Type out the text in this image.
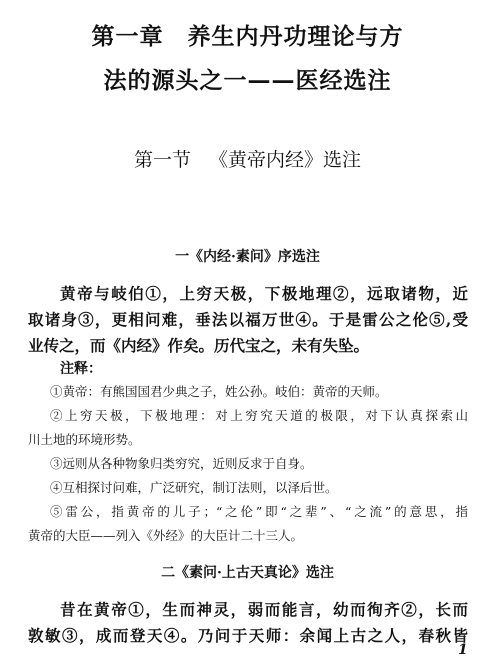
第一章　养生内丹功理论与方
法的源头之一——医经选注
第一节 《黄帝内经》选注
一《内经·素问》序选注
黄帝与岐伯①，上穷天极，下极地理②，远取诸物，近
取诸身③，更相问难，垂法以福万世④。于是雷公之伦⑤,受
业传之，而《内经》作矣。历代宝之，未有失坠。
注释：
①黄帝：有熊国国君少典之子，姓公孙。岐伯：黄帝的天师。
②上穷天极，下极地理：对上穷究天道的极限，对下认真探索山
川土地的环境形势。
③远则从各种物象归类穷究，近则反求于自身。
④互相探讨问难，广泛研究，制订法则，以泽后世。
⑤雷公，指黄帝的儿子；“之伦”即“之辈”、“之流”的意思，指
黄帝的大臣——列入《外经》的大臣计二十三人。
二《素问·上古天真论》选注
昔在黄帝①，生而神灵，弱而能言，幼而徇齐②，长而
敦敏③，成而登天④。乃问于天师：余闻上古之人，春秋皆
1
